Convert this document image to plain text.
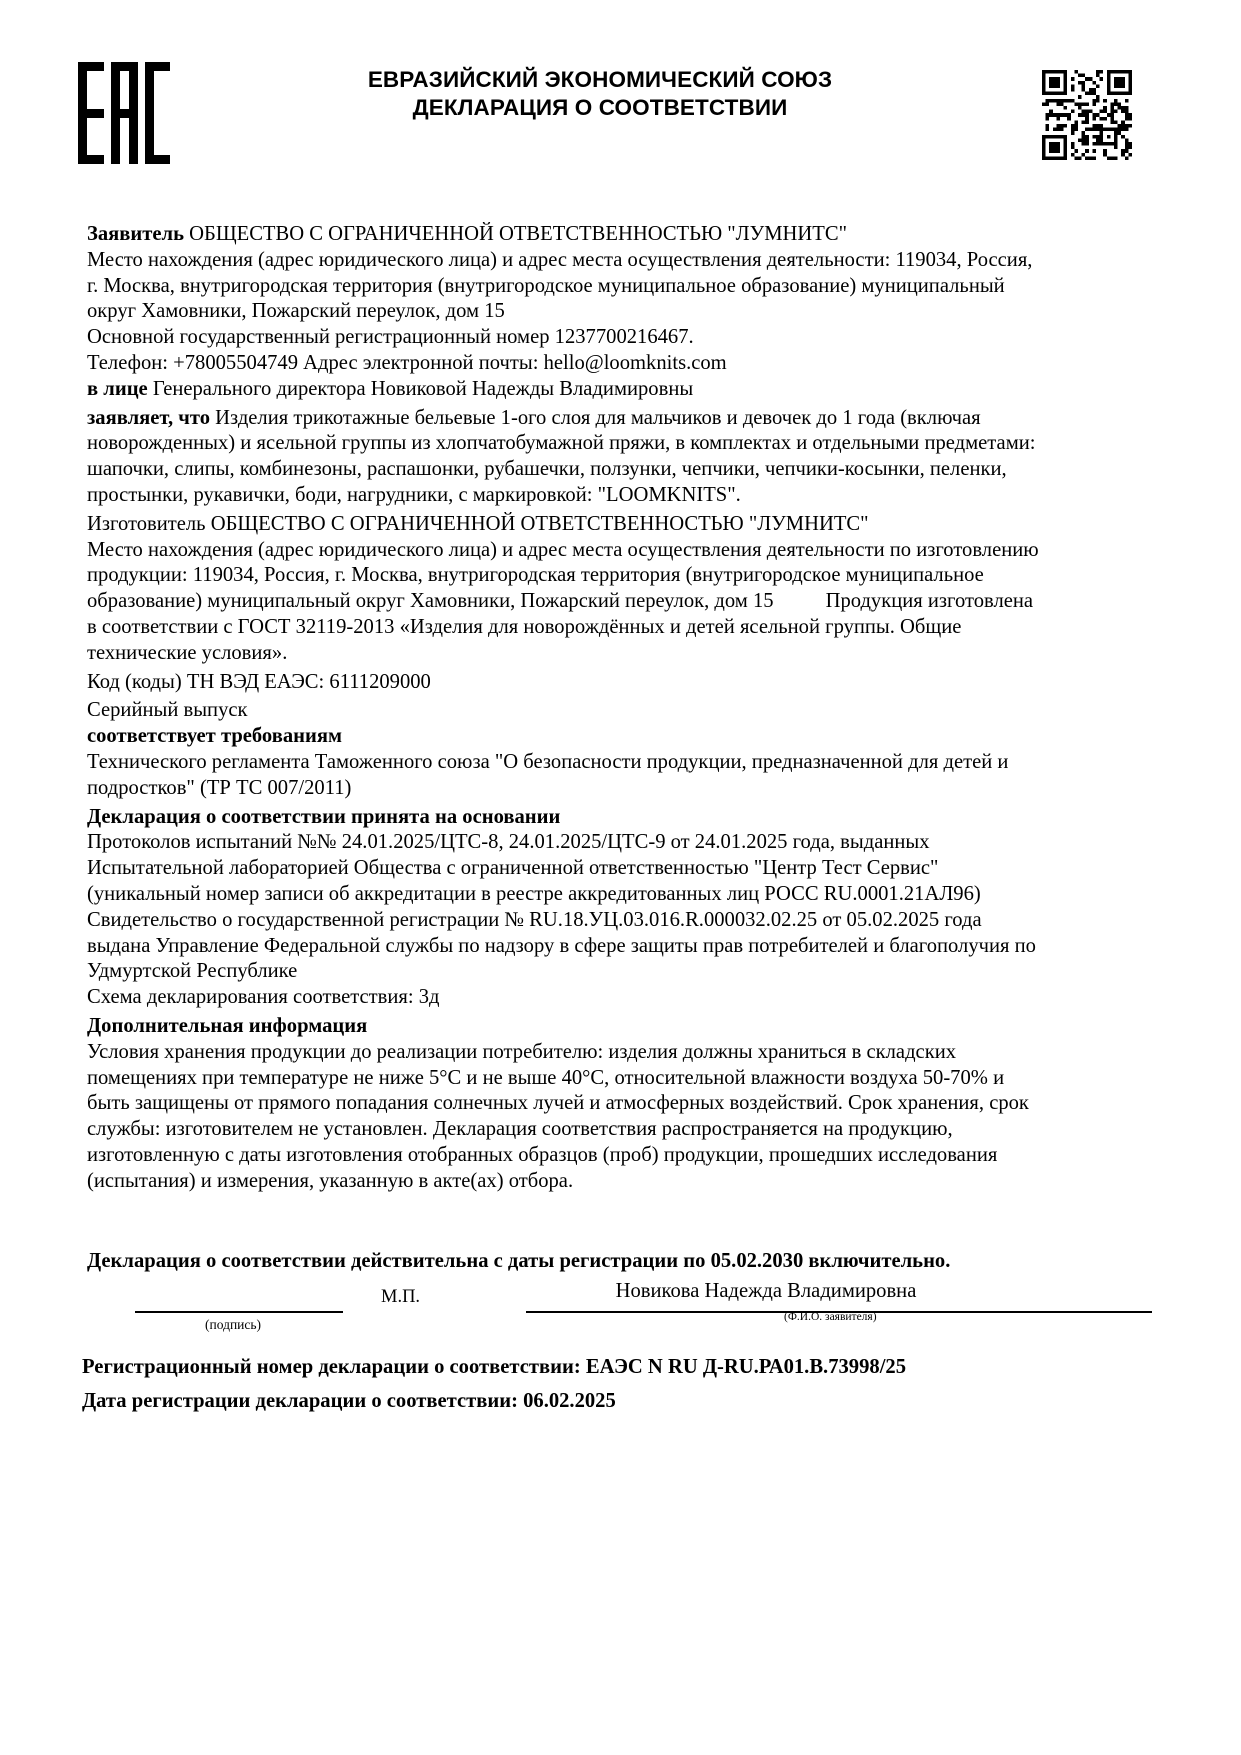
ЕВРАЗИЙСКИЙ ЭКОНОМИЧЕСКИЙ СОЮЗ
ДЕКЛАРАЦИЯ О СООТВЕТСТВИИ
Заявитель ОБЩЕСТВО С ОГРАНИЧЕННОЙ ОТВЕТСТВЕННОСТЬЮ "ЛУМНИТС"
Место нахождения (адрес юридического лица) и адрес места осуществления деятельности: 119034, Россия,
г. Москва, внутригородская территория (внутригородское муниципальное образование) муниципальный
округ Хамовники, Пожарский переулок, дом 15
Основной государственный регистрационный номер 1237700216467.
Телефон: +78005504749 Адрес электронной почты: hello@loomknits.com
в лице Генерального директора Новиковой Надежды Владимировны
заявляет, что Изделия трикотажные бельевые 1-ого слоя для мальчиков и девочек до 1 года (включая
новорожденных) и ясельной группы из хлопчатобумажной пряжи, в комплектах и отдельными предметами:
шапочки, слипы, комбинезоны, распашонки, рубашечки, ползунки, чепчики, чепчики-косынки, пеленки,
простынки, рукавички, боди, нагрудники, с маркировкой: "LOOMKNITS".
Изготовитель ОБЩЕСТВО С ОГРАНИЧЕННОЙ ОТВЕТСТВЕННОСТЬЮ "ЛУМНИТС"
Место нахождения (адрес юридического лица) и адрес места осуществления деятельности по изготовлению
продукции: 119034, Россия, г. Москва, внутригородская территория (внутригородское муниципальное
образование) муниципальный округ Хамовники, Пожарский переулок, дом 15	Продукция изготовлена
в соответствии с ГОСТ 32119-2013 «Изделия для новорождённых и детей ясельной группы. Общие
технические условия».
Код (коды) ТН ВЭД ЕАЭС: 6111209000
Серийный выпуск
соответствует требованиям
Технического регламента Таможенного союза "О безопасности продукции, предназначенной для детей и
подростков" (ТР ТС 007/2011)
Декларация о соответствии принята на основании
Протоколов испытаний №№ 24.01.2025/ЦТС-8, 24.01.2025/ЦТС-9 от 24.01.2025 года, выданных
Испытательной лабораторией Общества с ограниченной ответственностью "Центр Тест Сервис"
(уникальный номер записи об аккредитации в реестре аккредитованных лиц РОСС RU.0001.21АЛ96)
Свидетельство о государственной регистрации № RU.18.УЦ.03.016.R.000032.02.25 от 05.02.2025 года
выдана Управление Федеральной службы по надзору в сфере защиты прав потребителей и благополучия по
Удмуртской Республике
Схема декларирования соответствия: 3д
Дополнительная информация
Условия хранения продукции до реализации потребителю: изделия должны храниться в складских
помещениях при температуре не ниже 5°С и не выше 40°С, относительной влажности воздуха 50-70% и
быть защищены от прямого попадания солнечных лучей и атмосферных воздействий. Срок хранения, срок
службы: изготовителем не установлен. Декларация соответствия распространяется на продукцию,
изготовленную с даты изготовления отобранных образцов (проб) продукции, прошедших исследования
(испытания) и измерения, указанную в акте(ах) отбора.
Декларация о соответствии действительна с даты регистрации по 05.02.2030 включительно.
М.П.	Новикова Надежда Владимировна
(подпись)	(Ф.И.О. заявителя)
Регистрационный номер декларации о соответствии: ЕАЭС N RU Д-RU.РА01.В.73998/25
Дата регистрации декларации о соответствии: 06.02.2025
